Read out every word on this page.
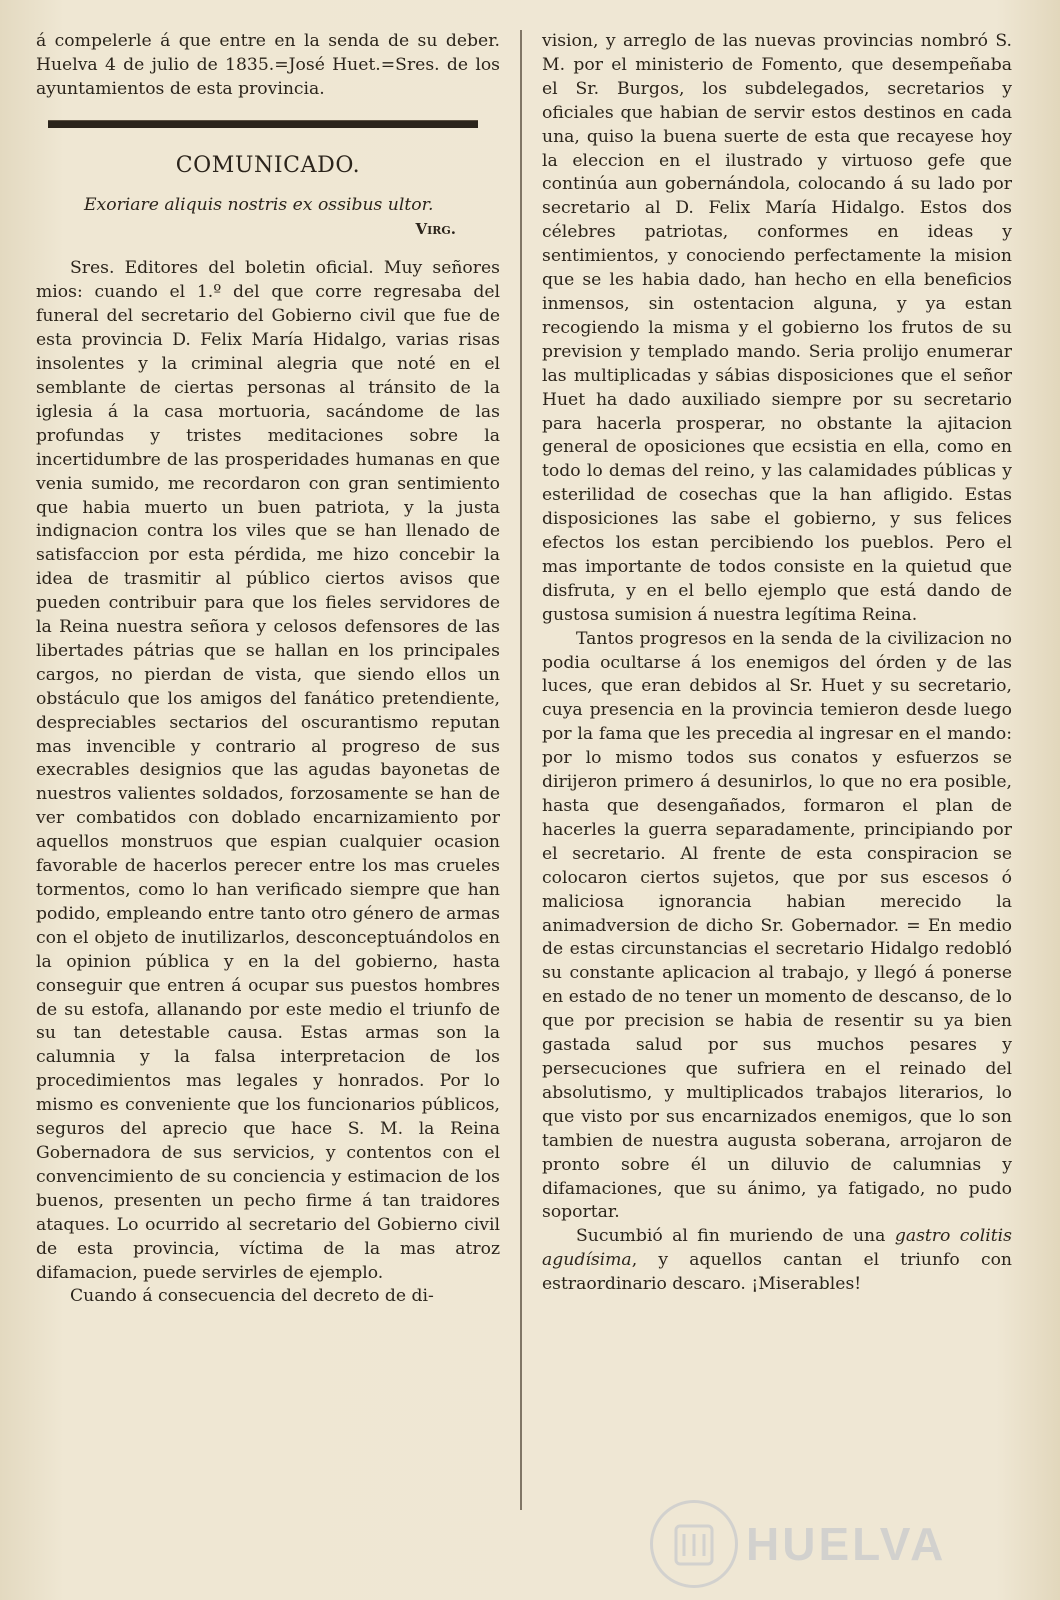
á compelerle á que entre en la senda de su deber. Huelva 4 de julio de 1835.=José Huet.=Sres. de los ayuntamientos de esta provincia.

COMUNICADO.
Exoriare aliquis nostris ex ossibus ultor.
Virg.

Sres. Editores del boletin oficial. Muy señores mios: cuando el 1.º del que corre regresaba del funeral del secretario del Gobierno civil que fue de esta provincia D. Felix María Hidalgo, varias risas insolentes y la criminal alegria que noté en el semblante de ciertas personas al tránsito de la iglesia á la casa mortuoria, sacándome de las profundas y tristes meditaciones sobre la incertidumbre de las prosperidades humanas en que venia sumido, me recordaron con gran sentimiento que habia muerto un buen patriota, y la justa indignacion contra los viles que se han llenado de satisfaccion por esta pérdida, me hizo concebir la idea de trasmitir al público ciertos avisos que pueden contribuir para que los fieles servidores de la Reina nuestra señora y celosos defensores de las libertades pátrias que se hallan en los principales cargos, no pierdan de vista, que siendo ellos un obstáculo que los amigos del fanático pretendiente, despreciables sectarios del oscurantismo reputan mas invencible y contrario al progreso de sus execrables designios que las agudas bayonetas de nuestros valientes soldados, forzosamente se han de ver combatidos con doblado encarnizamiento por aquellos monstruos que espian cualquier ocasion favorable de hacerlos perecer entre los mas crueles tormentos, como lo han verificado siempre que han podido, empleando entre tanto otro género de armas con el objeto de inutilizarlos, desconceptuándolos en la opinion pública y en la del gobierno, hasta conseguir que entren á ocupar sus puestos hombres de su estofa, allanando por este medio el triunfo de su tan detestable causa. Estas armas son la calumnia y la falsa interpretacion de los procedimientos mas legales y honrados. Por lo mismo es conveniente que los funcionarios públicos, seguros del aprecio que hace S. M. la Reina Gobernadora de sus servicios, y contentos con el convencimiento de su conciencia y estimacion de los buenos, presenten un pecho firme á tan traidores ataques. Lo ocurrido al secretario del Gobierno civil de esta provincia, víctima de la mas atroz difamacion, puede servirles de ejemplo.

Cuando á consecuencia del decreto de di-

vision, y arreglo de las nuevas provincias nombró S. M. por el ministerio de Fomento, que desempeñaba el Sr. Burgos, los subdelegados, secretarios y oficiales que habian de servir estos destinos en cada una, quiso la buena suerte de esta que recayese hoy la eleccion en el ilustrado y virtuoso gefe que continúa aun gobernándola, colocando á su lado por secretario al D. Felix María Hidalgo. Estos dos célebres patriotas, conformes en ideas y sentimientos, y conociendo perfectamente la mision que se les habia dado, han hecho en ella beneficios inmensos, sin ostentacion alguna, y ya estan recogiendo la misma y el gobierno los frutos de su prevision y templado mando. Seria prolijo enumerar las multiplicadas y sábias disposiciones que el señor Huet ha dado auxiliado siempre por su secretario para hacerla prosperar, no obstante la ajitacion general de oposiciones que ecsistia en ella, como en todo lo demas del reino, y las calamidades públicas y esterilidad de cosechas que la han afligido. Estas disposiciones las sabe el gobierno, y sus felices efectos los estan percibiendo los pueblos. Pero el mas importante de todos consiste en la quietud que disfruta, y en el bello ejemplo que está dando de gustosa sumision á nuestra legítima Reina.

Tantos progresos en la senda de la civilizacion no podia ocultarse á los enemigos del órden y de las luces, que eran debidos al Sr. Huet y su secretario, cuya presencia en la provincia temieron desde luego por la fama que les precedia al ingresar en el mando: por lo mismo todos sus conatos y esfuerzos se dirijeron primero á desunirlos, lo que no era posible, hasta que desengañados, formaron el plan de hacerles la guerra separadamente, principiando por el secretario. Al frente de esta conspiracion se colocaron ciertos sujetos, que por sus escesos ó maliciosa ignorancia habian merecido la animadversion de dicho Sr. Gobernador. = En medio de estas circunstancias el secretario Hidalgo redobló su constante aplicacion al trabajo, y llegó á ponerse en estado de no tener un momento de descanso, de lo que por precision se habia de resentir su ya bien gastada salud por sus muchos pesares y persecuciones que sufriera en el reinado del absolutismo, y multiplicados trabajos literarios, lo que visto por sus encarnizados enemigos, que lo son tambien de nuestra augusta soberana, arrojaron de pronto sobre él un diluvio de calumnias y difamaciones, que su ánimo, ya fatigado, no pudo soportar.

Sucumbió al fin muriendo de una gastro colitis agudísima, y aquellos cantan el triunfo con estraordinario descaro. ¡Miserables!

HUELVA
